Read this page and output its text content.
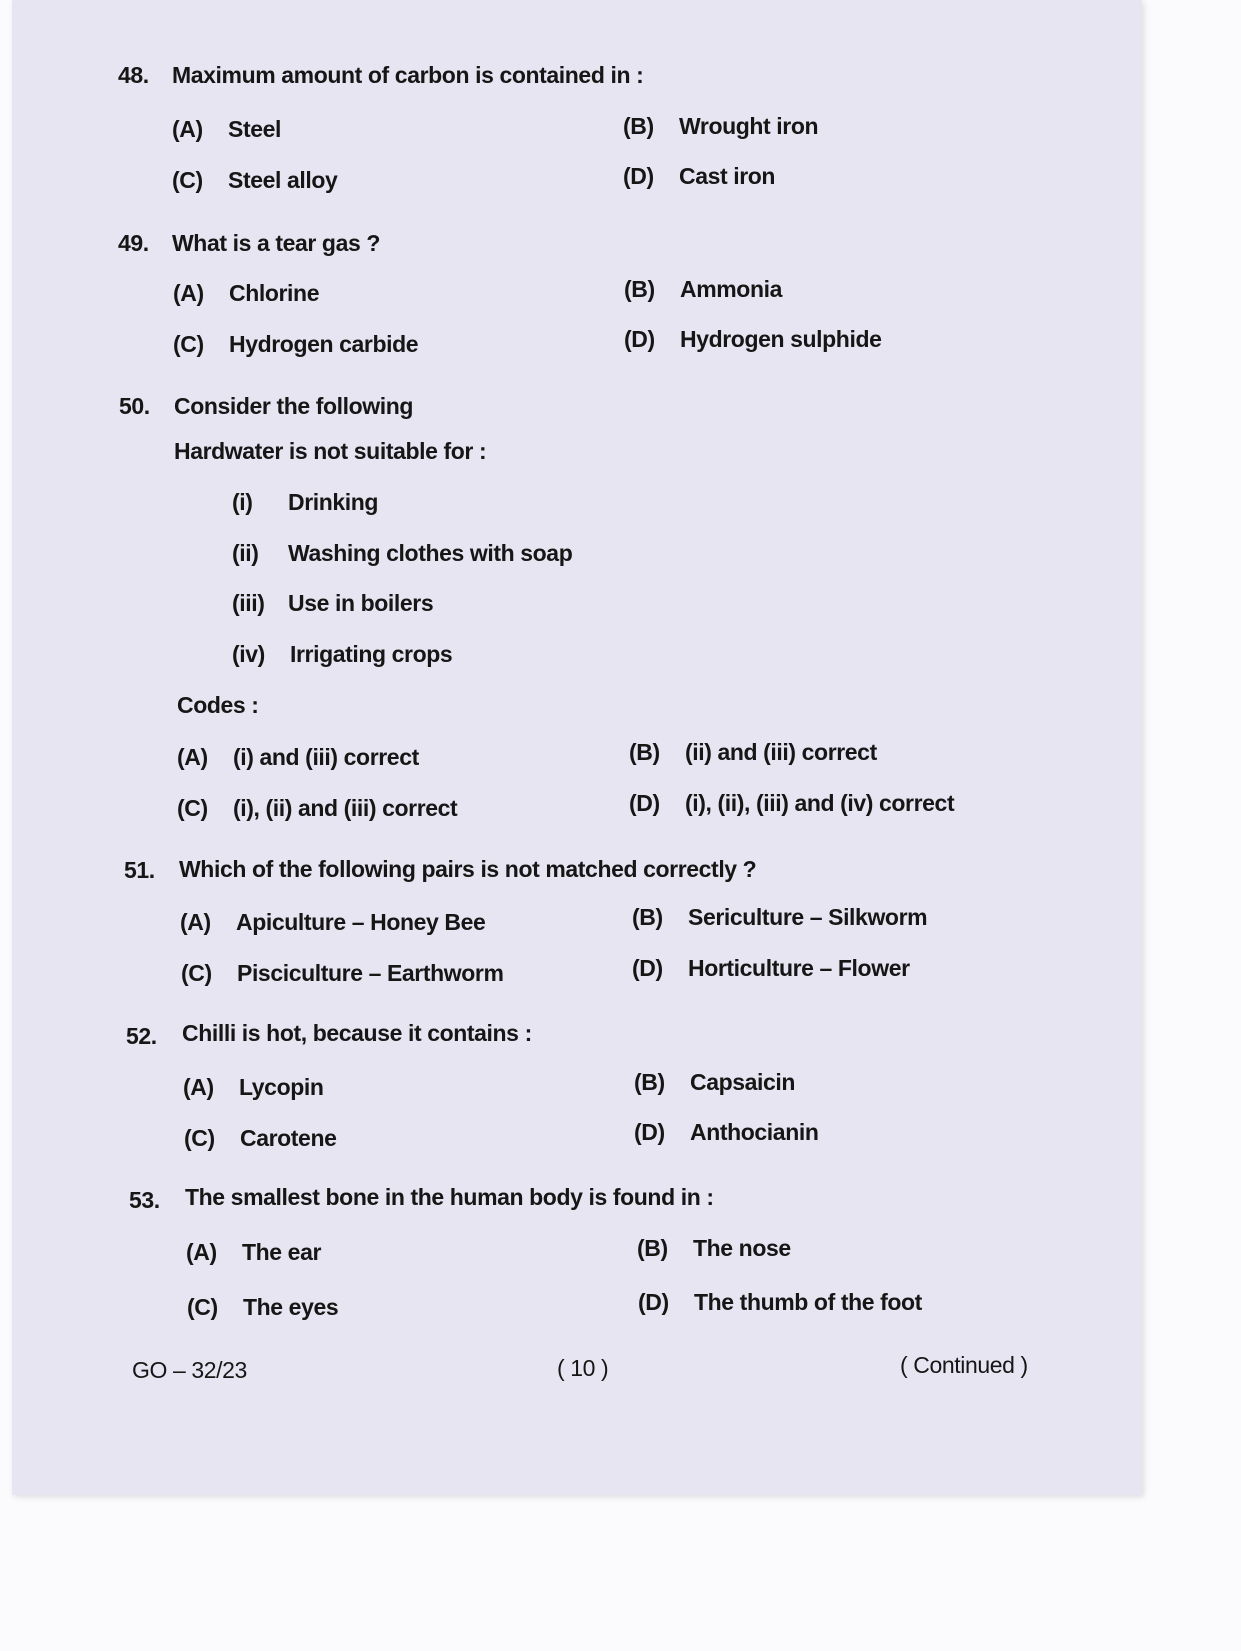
48. Maximum amount of carbon is contained in :
(A) Steel	(B) Wrought iron
(C) Steel alloy	(D) Cast iron
49. What is a tear gas ?
(A) Chlorine	(B) Ammonia
(C) Hydrogen carbide	(D) Hydrogen sulphide
50. Consider the following
Hardwater is not suitable for :
(i) Drinking
(ii) Washing clothes with soap
(iii) Use in boilers
(iv) Irrigating crops
Codes :
(A) (i) and (iii) correct	(B) (ii) and (iii) correct
(C) (i), (ii) and (iii) correct	(D) (i), (ii), (iii) and (iv) correct
51. Which of the following pairs is not matched correctly ?
(A) Apiculture – Honey Bee	(B) Sericulture – Silkworm
(C) Pisciculture – Earthworm	(D) Horticulture – Flower
52. Chilli is hot, because it contains :
(A) Lycopin	(B) Capsaicin
(C) Carotene	(D) Anthocianin
53. The smallest bone in the human body is found in :
(A) The ear	(B) The nose
(C) The eyes	(D) The thumb of the foot
GO – 32/23	( 10 )	( Continued )
